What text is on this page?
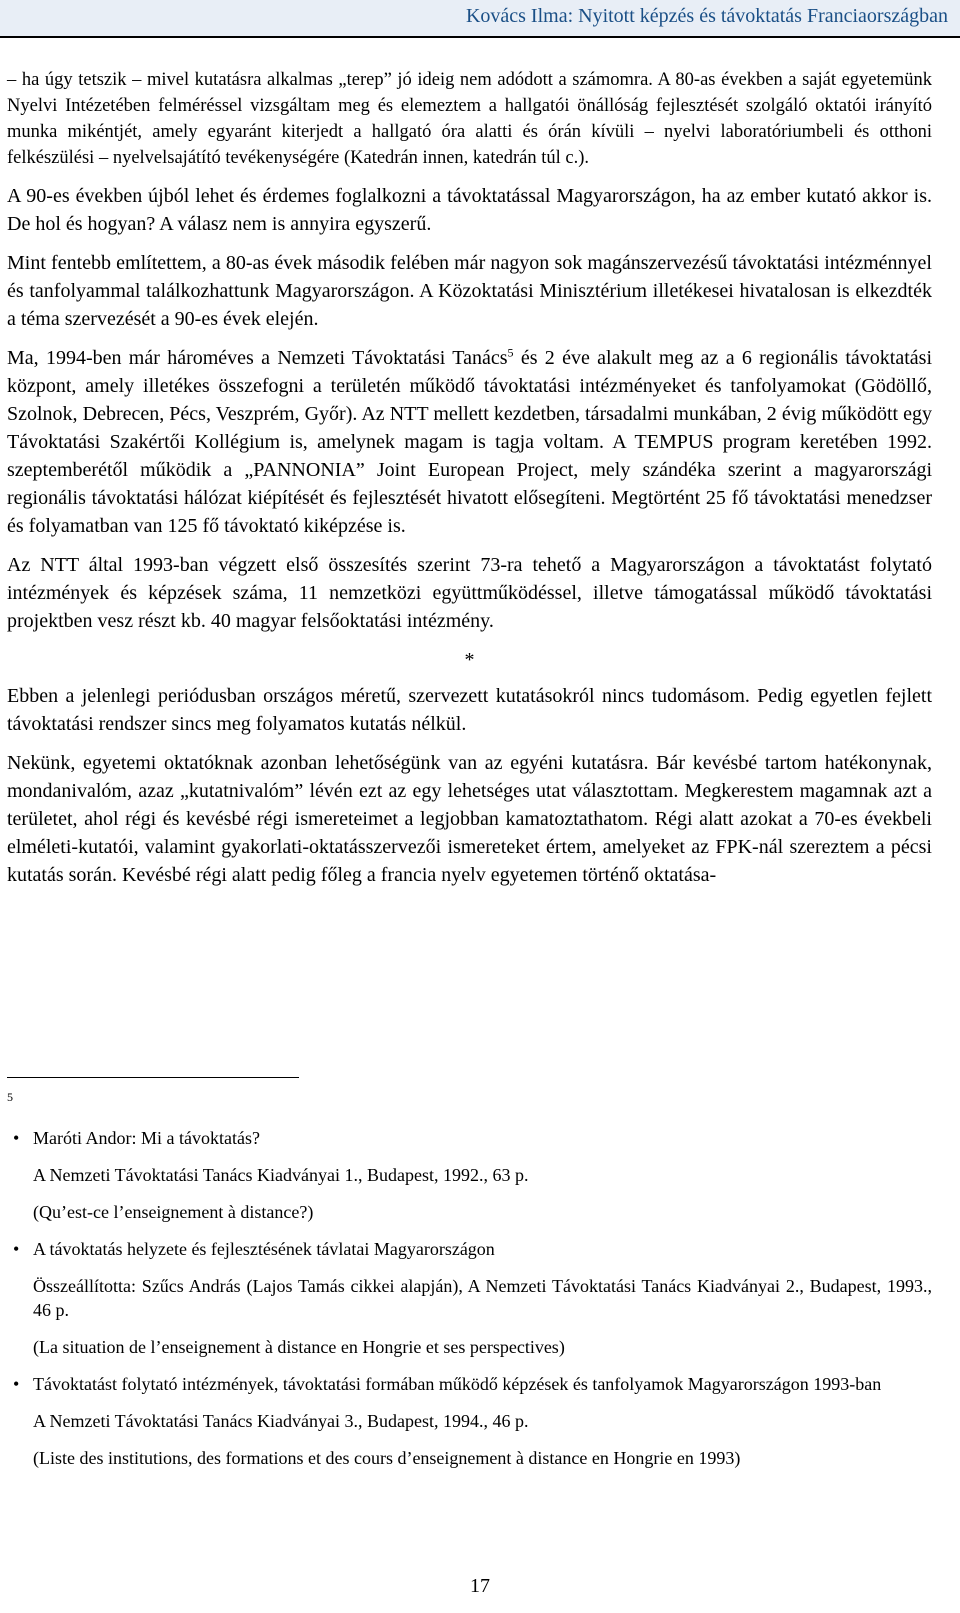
Kovács Ilma: Nyitott képzés és távoktatás Franciaországban

– ha úgy tetszik – mivel kutatásra alkalmas „terep” jó ideig nem adódott a számomra. A 80-as években a saját egyetemünk Nyelvi Intézetében felméréssel vizsgáltam meg és elemeztem a hallgatói önállóság fejlesztését szolgáló oktatói irányító munka mikéntjét, amely egyaránt kiterjedt a hallgató óra alatti és órán kívüli – nyelvi laboratóriumbeli és otthoni felkészülési – nyelvelsajátító tevékenységére (Katedrán innen, katedrán túl c.).

A 90-es években újból lehet és érdemes foglalkozni a távoktatással Magyarországon, ha az ember kutató akkor is. De hol és hogyan? A válasz nem is annyira egyszerű.

Mint fentebb említettem, a 80-as évek második felében már nagyon sok magánszervezésű távoktatási intézménnyel és tanfolyammal találkozhattunk Magyarországon. A Közoktatási Minisztérium illetékesei hivatalosan is elkezdték a téma szervezését a 90-es évek elején.

Ma, 1994-ben már hároméves a Nemzeti Távoktatási Tanács$^5$ és 2 éve alakult meg az a 6 regionális távoktatási központ, amely illetékes összefogni a területén működő távoktatási intézményeket és tanfolyamokat (Gödöllő, Szolnok, Debrecen, Pécs, Veszprém, Győr). Az NTT mellett kezdetben, társadalmi munkában, 2 évig működött egy Távoktatási Szakértői Kollégium is, amelynek magam is tagja voltam. A TEMPUS program keretében 1992. szeptemberétől működik a „PANNONIA” Joint European Project, mely szándéka szerint a magyarországi regionális távoktatási hálózat kiépítését és fejlesztését hivatott elősegíteni. Megtörtént 25 fő távoktatási menedzser és folyamatban van 125 fő távoktató kiképzése is.

Az NTT által 1993-ban végzett első összesítés szerint 73-ra tehető a Magyarországon a távoktatást folytató intézmények és képzések száma, 11 nemzetközi együttműködéssel, illetve támogatással működő távoktatási projektben vesz részt kb. 40 magyar felsőoktatási intézmény.

*

Ebben a jelenlegi periódusban országos méretű, szervezett kutatásokról nincs tudomásom. Pedig egyetlen fejlett távoktatási rendszer sincs meg folyamatos kutatás nélkül.

Nekünk, egyetemi oktatóknak azonban lehetőségünk van az egyéni kutatásra. Bár kevésbé tartom hatékonynak, mondanivalóm, azaz „kutatnivalóm” lévén ezt az egy lehetséges utat választottam. Megkerestem magamnak azt a területet, ahol régi és kevésbé régi ismereteimet a legjobban kamatoztathatom. Régi alatt azokat a 70-es évekbeli elméleti-kutatói, valamint gyakorlati-oktatásszervezői ismereteket értem, amelyeket az FPK-nál szereztem a pécsi kutatás során. Kevésbé régi alatt pedig főleg a francia nyelv egyetemen történő oktatása-

5
• Maróti Andor: Mi a távoktatás?
A Nemzeti Távoktatási Tanács Kiadványai 1., Budapest, 1992., 63 p.
(Qu’est-ce l’enseignement à distance?)
• A távoktatás helyzete és fejlesztésének távlatai Magyarországon
Összeállította: Szűcs András (Lajos Tamás cikkei alapján), A Nemzeti Távoktatási Tanács Kiadványai 2., Budapest, 1993., 46 p.
(La situation de l’enseignement à distance en Hongrie et ses perspectives)
• Távoktatást folytató intézmények, távoktatási formában működő képzések és tanfolyamok Magyarországon 1993-ban
A Nemzeti Távoktatási Tanács Kiadványai 3., Budapest, 1994., 46 p.
(Liste des institutions, des formations et des cours d’enseignement à distance en Hongrie en 1993)
17
